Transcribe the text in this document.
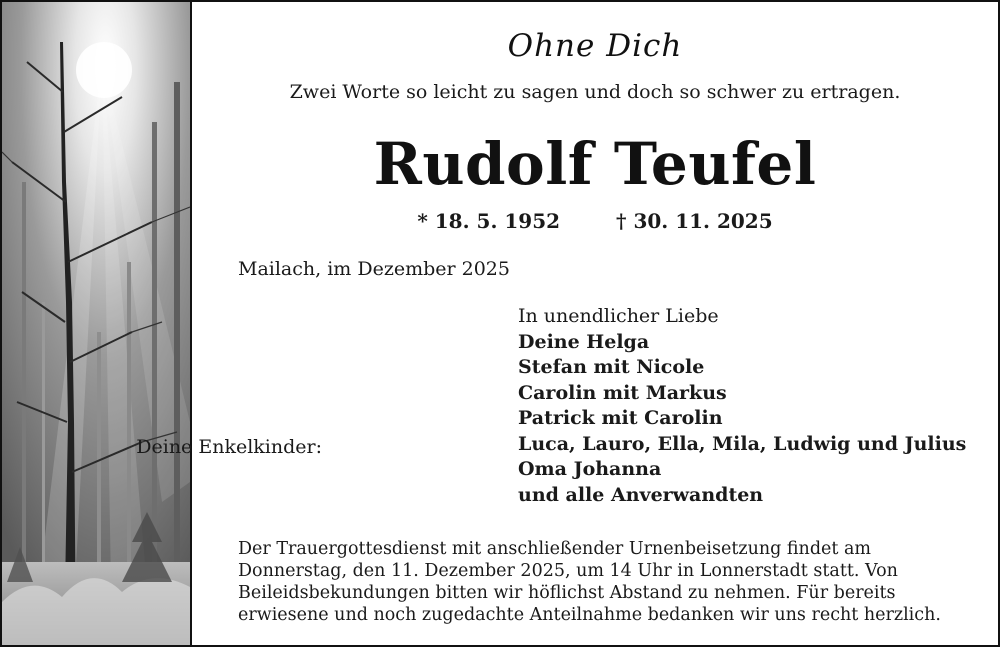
Ohne Dich
Zwei Worte so leicht zu sagen und doch so schwer zu ertragen.
Rudolf Teufel
* 18. 5. 1952	† 30. 11. 2025
Mailach, im Dezember 2025
In unendlicher Liebe
Deine Helga
Stefan mit Nicole
Carolin mit Markus
Patrick mit Carolin
Luca, Lauro, Ella, Mila, Ludwig und Julius
Oma Johanna
und alle Anverwandten
Deine Enkelkinder:
Der Trauergottesdienst mit anschließender Urnenbeisetzung findet am Donnerstag, den 11. Dezember 2025, um 14 Uhr in Lonnerstadt statt. Von Beileidsbekundungen bitten wir höflichst Abstand zu nehmen. Für bereits erwiesene und noch zugedachte Anteilnahme bedanken wir uns recht herzlich.
